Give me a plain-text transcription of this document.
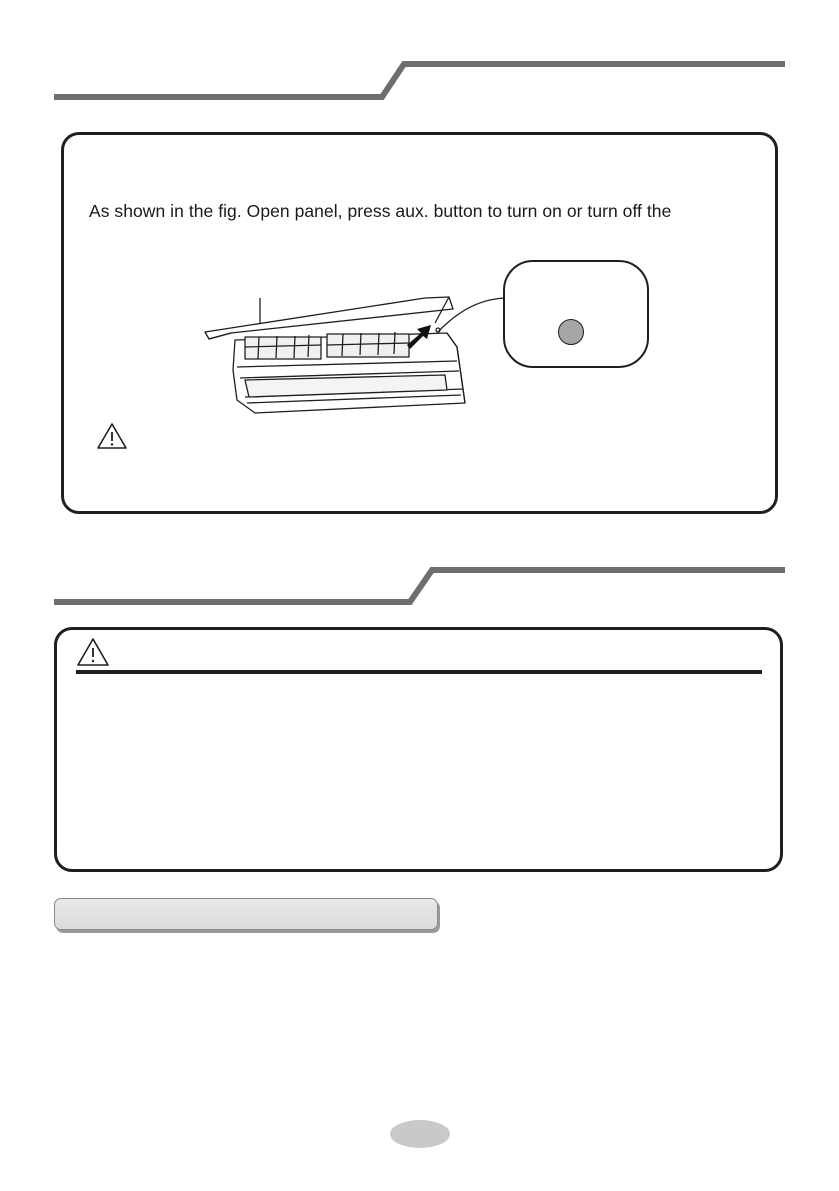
As shown in the fig. Open panel, press aux. button to turn on or turn off the
